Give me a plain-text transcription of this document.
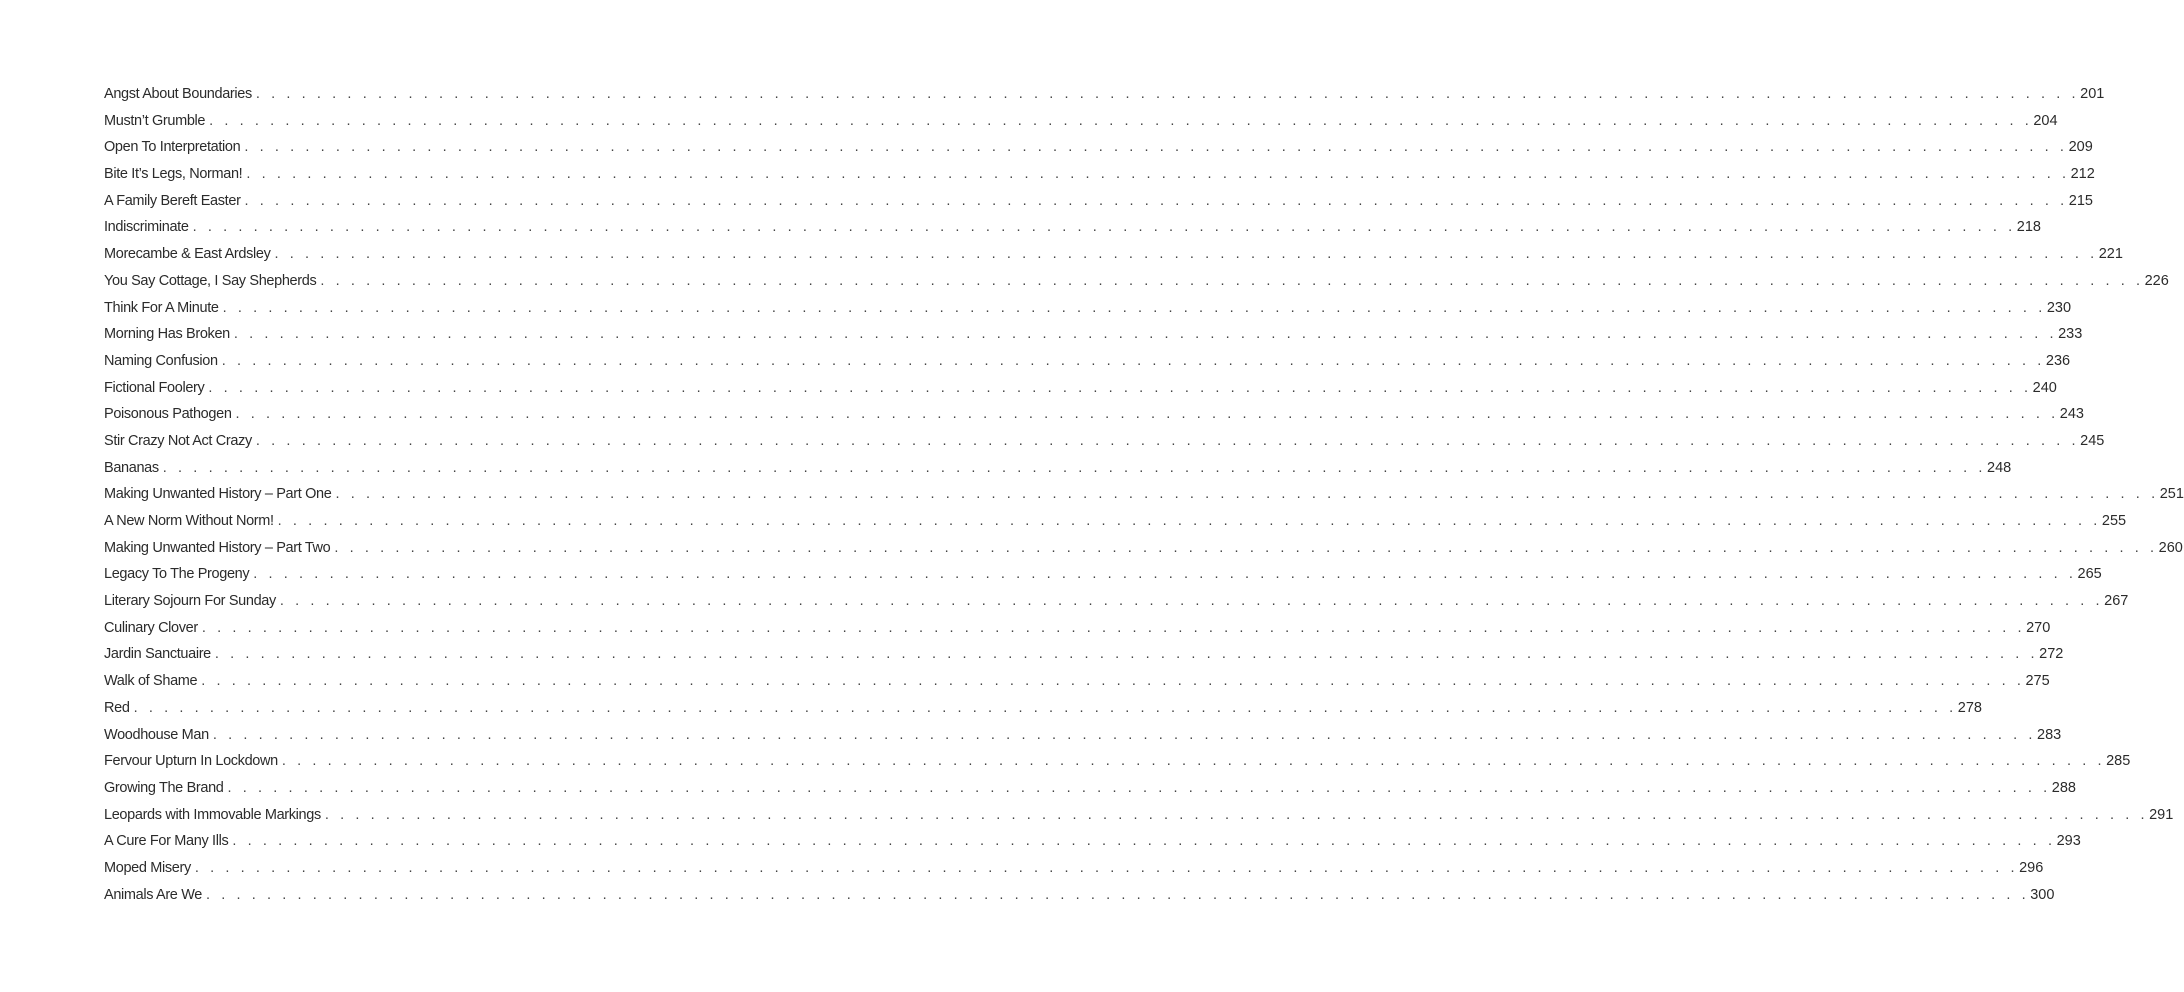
Angst About Boundaries . . . . . . . . . . . . . . . . . . . . . . . . . . . . . . . . . . . . . . . . . . . . . . . . . . . . . . . . . . . . . . . . . . . . . . . . . . . . . . . . . . . . . . . . . . . . . . . . . . . . . . . . . . . . . . . . . . . . . . . . 201
Mustn’t Grumble . . . . . . . . . . . . . . . . . . . . . . . . . . . . . . . . . . . . . . . . . . . . . . . . . . . . . . . . . . . . . . . . . . . . . . . . . . . . . . . . . . . . . . . . . . . . . . . . . . . . . . . . . . . . . . . . . . . . . . . . 204
Open To Interpretation . . . . . . . . . . . . . . . . . . . . . . . . . . . . . . . . . . . . . . . . . . . . . . . . . . . . . . . . . . . . . . . . . . . . . . . . . . . . . . . . . . . . . . . . . . . . . . . . . . . . . . . . . . . . . . . . . . . . . . . . 209
Bite It’s Legs, Norman! . . . . . . . . . . . . . . . . . . . . . . . . . . . . . . . . . . . . . . . . . . . . . . . . . . . . . . . . . . . . . . . . . . . . . . . . . . . . . . . . . . . . . . . . . . . . . . . . . . . . . . . . . . . . . . . . . . . . . . . . 212
A Family Bereft Easter . . . . . . . . . . . . . . . . . . . . . . . . . . . . . . . . . . . . . . . . . . . . . . . . . . . . . . . . . . . . . . . . . . . . . . . . . . . . . . . . . . . . . . . . . . . . . . . . . . . . . . . . . . . . . . . . . . . . . . . . 215
Indiscriminate . . . . . . . . . . . . . . . . . . . . . . . . . . . . . . . . . . . . . . . . . . . . . . . . . . . . . . . . . . . . . . . . . . . . . . . . . . . . . . . . . . . . . . . . . . . . . . . . . . . . . . . . . . . . . . . . . . . . . . . . 218
Morecambe & East Ardsley . . . . . . . . . . . . . . . . . . . . . . . . . . . . . . . . . . . . . . . . . . . . . . . . . . . . . . . . . . . . . . . . . . . . . . . . . . . . . . . . . . . . . . . . . . . . . . . . . . . . . . . . . . . . . . . . . . . . . . . . 221
You Say Cottage, I Say Shepherds . . . . . . . . . . . . . . . . . . . . . . . . . . . . . . . . . . . . . . . . . . . . . . . . . . . . . . . . . . . . . . . . . . . . . . . . . . . . . . . . . . . . . . . . . . . . . . . . . . . . . . . . . . . . . . . . . . . . . . . . 226
Think For A Minute . . . . . . . . . . . . . . . . . . . . . . . . . . . . . . . . . . . . . . . . . . . . . . . . . . . . . . . . . . . . . . . . . . . . . . . . . . . . . . . . . . . . . . . . . . . . . . . . . . . . . . . . . . . . . . . . . . . . . . . . 230
Morning Has Broken . . . . . . . . . . . . . . . . . . . . . . . . . . . . . . . . . . . . . . . . . . . . . . . . . . . . . . . . . . . . . . . . . . . . . . . . . . . . . . . . . . . . . . . . . . . . . . . . . . . . . . . . . . . . . . . . . . . . . . . . 233
Naming Confusion . . . . . . . . . . . . . . . . . . . . . . . . . . . . . . . . . . . . . . . . . . . . . . . . . . . . . . . . . . . . . . . . . . . . . . . . . . . . . . . . . . . . . . . . . . . . . . . . . . . . . . . . . . . . . . . . . . . . . . . . 236
Fictional Foolery . . . . . . . . . . . . . . . . . . . . . . . . . . . . . . . . . . . . . . . . . . . . . . . . . . . . . . . . . . . . . . . . . . . . . . . . . . . . . . . . . . . . . . . . . . . . . . . . . . . . . . . . . . . . . . . . . . . . . . . . 240
Poisonous Pathogen . . . . . . . . . . . . . . . . . . . . . . . . . . . . . . . . . . . . . . . . . . . . . . . . . . . . . . . . . . . . . . . . . . . . . . . . . . . . . . . . . . . . . . . . . . . . . . . . . . . . . . . . . . . . . . . . . . . . . . . . 243
Stir Crazy Not Act Crazy . . . . . . . . . . . . . . . . . . . . . . . . . . . . . . . . . . . . . . . . . . . . . . . . . . . . . . . . . . . . . . . . . . . . . . . . . . . . . . . . . . . . . . . . . . . . . . . . . . . . . . . . . . . . . . . . . . . . . . . . 245
Bananas . . . . . . . . . . . . . . . . . . . . . . . . . . . . . . . . . . . . . . . . . . . . . . . . . . . . . . . . . . . . . . . . . . . . . . . . . . . . . . . . . . . . . . . . . . . . . . . . . . . . . . . . . . . . . . . . . . . . . . . . 248
Making Unwanted History – Part One . . . . . . . . . . . . . . . . . . . . . . . . . . . . . . . . . . . . . . . . . . . . . . . . . . . . . . . . . . . . . . . . . . . . . . . . . . . . . . . . . . . . . . . . . . . . . . . . . . . . . . . . . . . . . . . . . . . . . . . . 251
A New Norm Without Norm! . . . . . . . . . . . . . . . . . . . . . . . . . . . . . . . . . . . . . . . . . . . . . . . . . . . . . . . . . . . . . . . . . . . . . . . . . . . . . . . . . . . . . . . . . . . . . . . . . . . . . . . . . . . . . . . . . . . . . . . . 255
Making Unwanted History – Part Two . . . . . . . . . . . . . . . . . . . . . . . . . . . . . . . . . . . . . . . . . . . . . . . . . . . . . . . . . . . . . . . . . . . . . . . . . . . . . . . . . . . . . . . . . . . . . . . . . . . . . . . . . . . . . . . . . . . . . . . . 260
Legacy To The Progeny . . . . . . . . . . . . . . . . . . . . . . . . . . . . . . . . . . . . . . . . . . . . . . . . . . . . . . . . . . . . . . . . . . . . . . . . . . . . . . . . . . . . . . . . . . . . . . . . . . . . . . . . . . . . . . . . . . . . . . . . 265
Literary Sojourn For Sunday . . . . . . . . . . . . . . . . . . . . . . . . . . . . . . . . . . . . . . . . . . . . . . . . . . . . . . . . . . . . . . . . . . . . . . . . . . . . . . . . . . . . . . . . . . . . . . . . . . . . . . . . . . . . . . . . . . . . . . . . 267
Culinary Clover . . . . . . . . . . . . . . . . . . . . . . . . . . . . . . . . . . . . . . . . . . . . . . . . . . . . . . . . . . . . . . . . . . . . . . . . . . . . . . . . . . . . . . . . . . . . . . . . . . . . . . . . . . . . . . . . . . . . . . . . 270
Jardin Sanctuaire . . . . . . . . . . . . . . . . . . . . . . . . . . . . . . . . . . . . . . . . . . . . . . . . . . . . . . . . . . . . . . . . . . . . . . . . . . . . . . . . . . . . . . . . . . . . . . . . . . . . . . . . . . . . . . . . . . . . . . . . 272
Walk of Shame . . . . . . . . . . . . . . . . . . . . . . . . . . . . . . . . . . . . . . . . . . . . . . . . . . . . . . . . . . . . . . . . . . . . . . . . . . . . . . . . . . . . . . . . . . . . . . . . . . . . . . . . . . . . . . . . . . . . . . . . 275
Red . . . . . . . . . . . . . . . . . . . . . . . . . . . . . . . . . . . . . . . . . . . . . . . . . . . . . . . . . . . . . . . . . . . . . . . . . . . . . . . . . . . . . . . . . . . . . . . . . . . . . . . . . . . . . . . . . . . . . . . . 278
Woodhouse Man . . . . . . . . . . . . . . . . . . . . . . . . . . . . . . . . . . . . . . . . . . . . . . . . . . . . . . . . . . . . . . . . . . . . . . . . . . . . . . . . . . . . . . . . . . . . . . . . . . . . . . . . . . . . . . . . . . . . . . . . 283
Fervour Upturn In Lockdown . . . . . . . . . . . . . . . . . . . . . . . . . . . . . . . . . . . . . . . . . . . . . . . . . . . . . . . . . . . . . . . . . . . . . . . . . . . . . . . . . . . . . . . . . . . . . . . . . . . . . . . . . . . . . . . . . . . . . . . . 285
Growing The Brand . . . . . . . . . . . . . . . . . . . . . . . . . . . . . . . . . . . . . . . . . . . . . . . . . . . . . . . . . . . . . . . . . . . . . . . . . . . . . . . . . . . . . . . . . . . . . . . . . . . . . . . . . . . . . . . . . . . . . . . . 288
Leopards with Immovable Markings . . . . . . . . . . . . . . . . . . . . . . . . . . . . . . . . . . . . . . . . . . . . . . . . . . . . . . . . . . . . . . . . . . . . . . . . . . . . . . . . . . . . . . . . . . . . . . . . . . . . . . . . . . . . . . . . . . . . . . . . 291
A Cure For Many Ills . . . . . . . . . . . . . . . . . . . . . . . . . . . . . . . . . . . . . . . . . . . . . . . . . . . . . . . . . . . . . . . . . . . . . . . . . . . . . . . . . . . . . . . . . . . . . . . . . . . . . . . . . . . . . . . . . . . . . . . . 293
Moped Misery . . . . . . . . . . . . . . . . . . . . . . . . . . . . . . . . . . . . . . . . . . . . . . . . . . . . . . . . . . . . . . . . . . . . . . . . . . . . . . . . . . . . . . . . . . . . . . . . . . . . . . . . . . . . . . . . . . . . . . . . 296
Animals Are We . . . . . . . . . . . . . . . . . . . . . . . . . . . . . . . . . . . . . . . . . . . . . . . . . . . . . . . . . . . . . . . . . . . . . . . . . . . . . . . . . . . . . . . . . . . . . . . . . . . . . . . . . . . . . . . . . . . . . . . . 300
